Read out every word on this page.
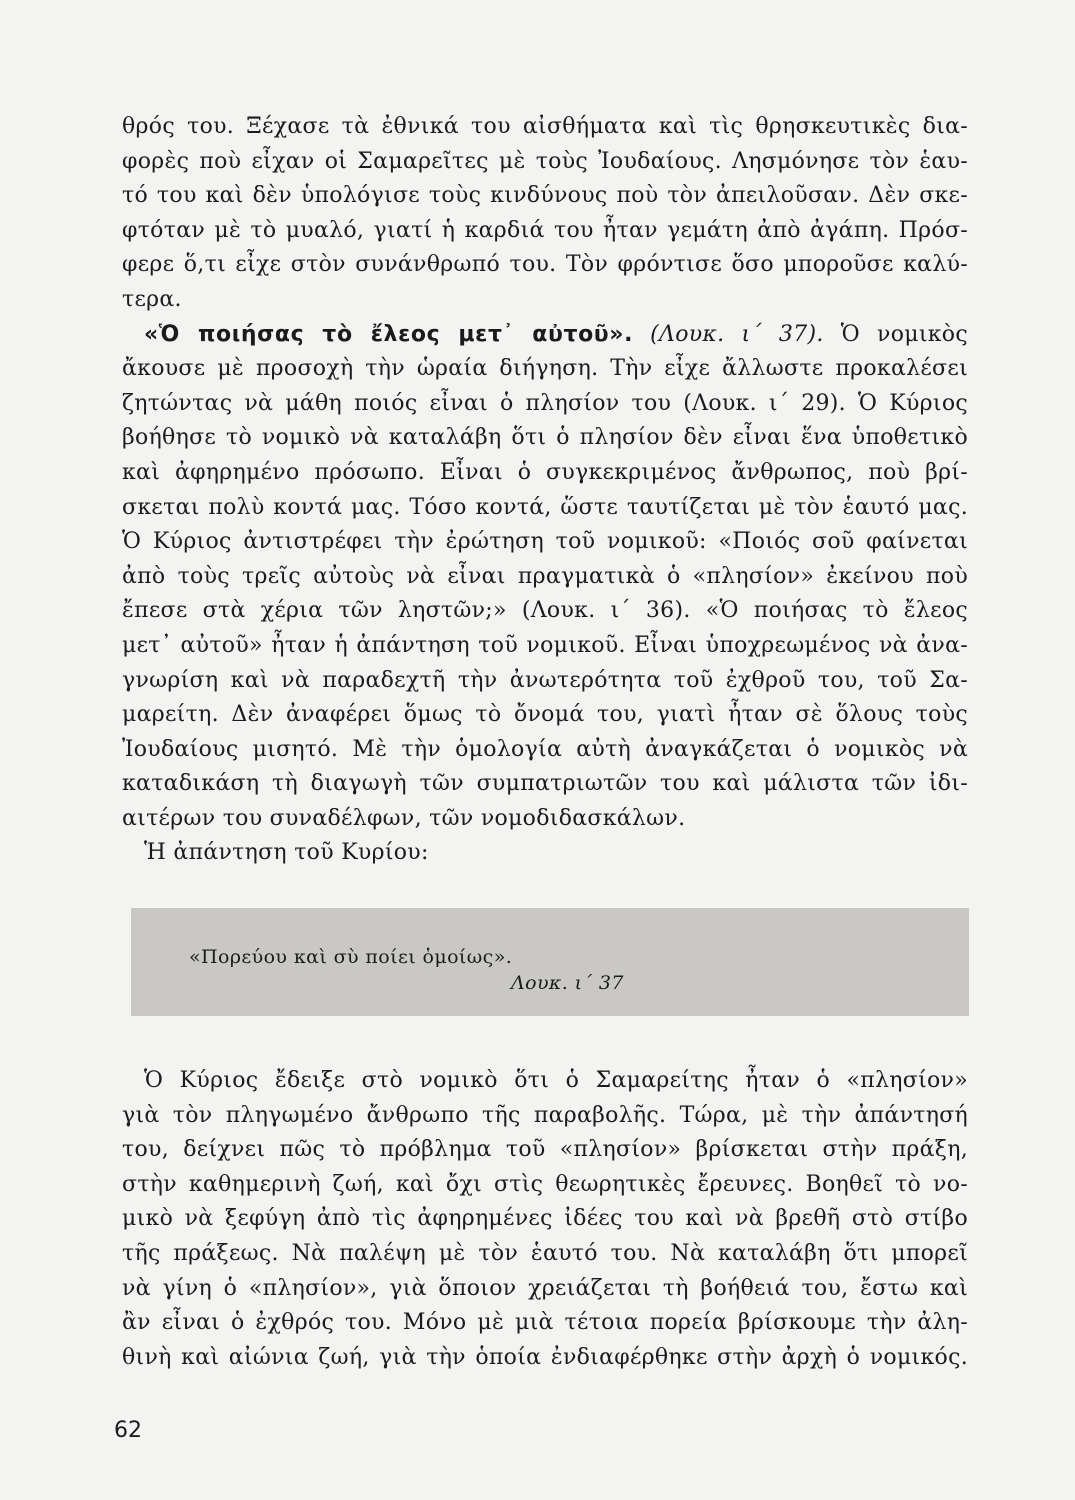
θρός του. Ξέχασε τὰ ἐθνικά του αἰσθήματα καὶ τὶς θρησκευτικὲς δια-
φορὲς ποὺ εἶχαν οἱ Σαμαρεῖτες μὲ τοὺς Ἰουδαίους. Λησμόνησε τὸν ἑαυ-
τό του καὶ δὲν ὑπολόγισε τοὺς κινδύνους ποὺ τὸν ἀπειλοῦσαν. Δὲν σκε-
φτόταν μὲ τὸ μυαλό, γιατί ἡ καρδιά του ἦταν γεμάτη ἀπὸ ἀγάπη. Πρόσ-
φερε ὅ,τι εἶχε στὸν συνάνθρωπό του. Τὸν φρόντισε ὅσο μποροῦσε καλύ-
τερα.
«Ὁ ποιήσας τὸ ἔλεος μετ᾽ αὐτοῦ». (Λουκ. ι΄ 37). Ὁ νομικὸς
ἄκουσε μὲ προσοχὴ τὴν ὡραία διήγηση. Τὴν εἶχε ἄλλωστε προκαλέσει
ζητώντας νὰ μάθη ποιός εἶναι ὁ πλησίον του (Λουκ. ι΄ 29). Ὁ Κύριος
βοήθησε τὸ νομικὸ νὰ καταλάβη ὅτι ὁ πλησίον δὲν εἶναι ἕνα ὑποθετικὸ
καὶ ἀφηρημένο πρόσωπο. Εἶναι ὁ συγκεκριμένος ἄνθρωπος, ποὺ βρί-
σκεται πολὺ κοντά μας. Τόσο κοντά, ὥστε ταυτίζεται μὲ τὸν ἑαυτό μας.
Ὁ Κύριος ἀντιστρέφει τὴν ἐρώτηση τοῦ νομικοῦ: «Ποιός σοῦ φαίνεται
ἀπὸ τοὺς τρεῖς αὐτοὺς νὰ εἶναι πραγματικὰ ὁ «πλησίον» ἐκείνου ποὺ
ἔπεσε στὰ χέρια τῶν ληστῶν;» (Λουκ. ι΄ 36). «Ὁ ποιήσας τὸ ἔλεος
μετ᾽ αὐτοῦ» ἦταν ἡ ἀπάντηση τοῦ νομικοῦ. Εἶναι ὑποχρεωμένος νὰ ἀνα-
γνωρίση καὶ νὰ παραδεχτῆ τὴν ἀνωτερότητα τοῦ ἐχθροῦ του, τοῦ Σα-
μαρείτη. Δὲν ἀναφέρει ὅμως τὸ ὄνομά του, γιατὶ ἦταν σὲ ὅλους τοὺς
Ἰουδαίους μισητό. Μὲ τὴν ὁμολογία αὐτὴ ἀναγκάζεται ὁ νομικὸς νὰ
καταδικάση τὴ διαγωγὴ τῶν συμπατριωτῶν του καὶ μάλιστα τῶν ἰδι-
αιτέρων του συναδέλφων, τῶν νομοδιδασκάλων.
Ἡ ἀπάντηση τοῦ Κυρίου:
«Πορεύου καὶ σὺ ποίει ὁμοίως».
Λουκ. ι΄ 37
Ὁ Κύριος ἔδειξε στὸ νομικὸ ὅτι ὁ Σαμαρείτης ἦταν ὁ «πλησίον»
γιὰ τὸν πληγωμένο ἄνθρωπο τῆς παραβολῆς. Τώρα, μὲ τὴν ἀπάντησή
του, δείχνει πῶς τὸ πρόβλημα τοῦ «πλησίον» βρίσκεται στὴν πράξη,
στὴν καθημερινὴ ζωή, καὶ ὄχι στὶς θεωρητικὲς ἔρευνες. Βοηθεῖ τὸ νο-
μικὸ νὰ ξεφύγη ἀπὸ τὶς ἀφηρημένες ἰδέες του καὶ νὰ βρεθῆ στὸ στίβο
τῆς πράξεως. Νὰ παλέψη μὲ τὸν ἑαυτό του. Νὰ καταλάβη ὅτι μπορεῖ
νὰ γίνη ὁ «πλησίον», γιὰ ὅποιον χρειάζεται τὴ βοήθειά του, ἔστω καὶ
ἂν εἶναι ὁ ἐχθρός του. Μόνο μὲ μιὰ τέτοια πορεία βρίσκουμε τὴν ἀλη-
θινὴ καὶ αἰώνια ζωή, γιὰ τὴν ὁποία ἐνδιαφέρθηκε στὴν ἀρχὴ ὁ νομικός.
62
